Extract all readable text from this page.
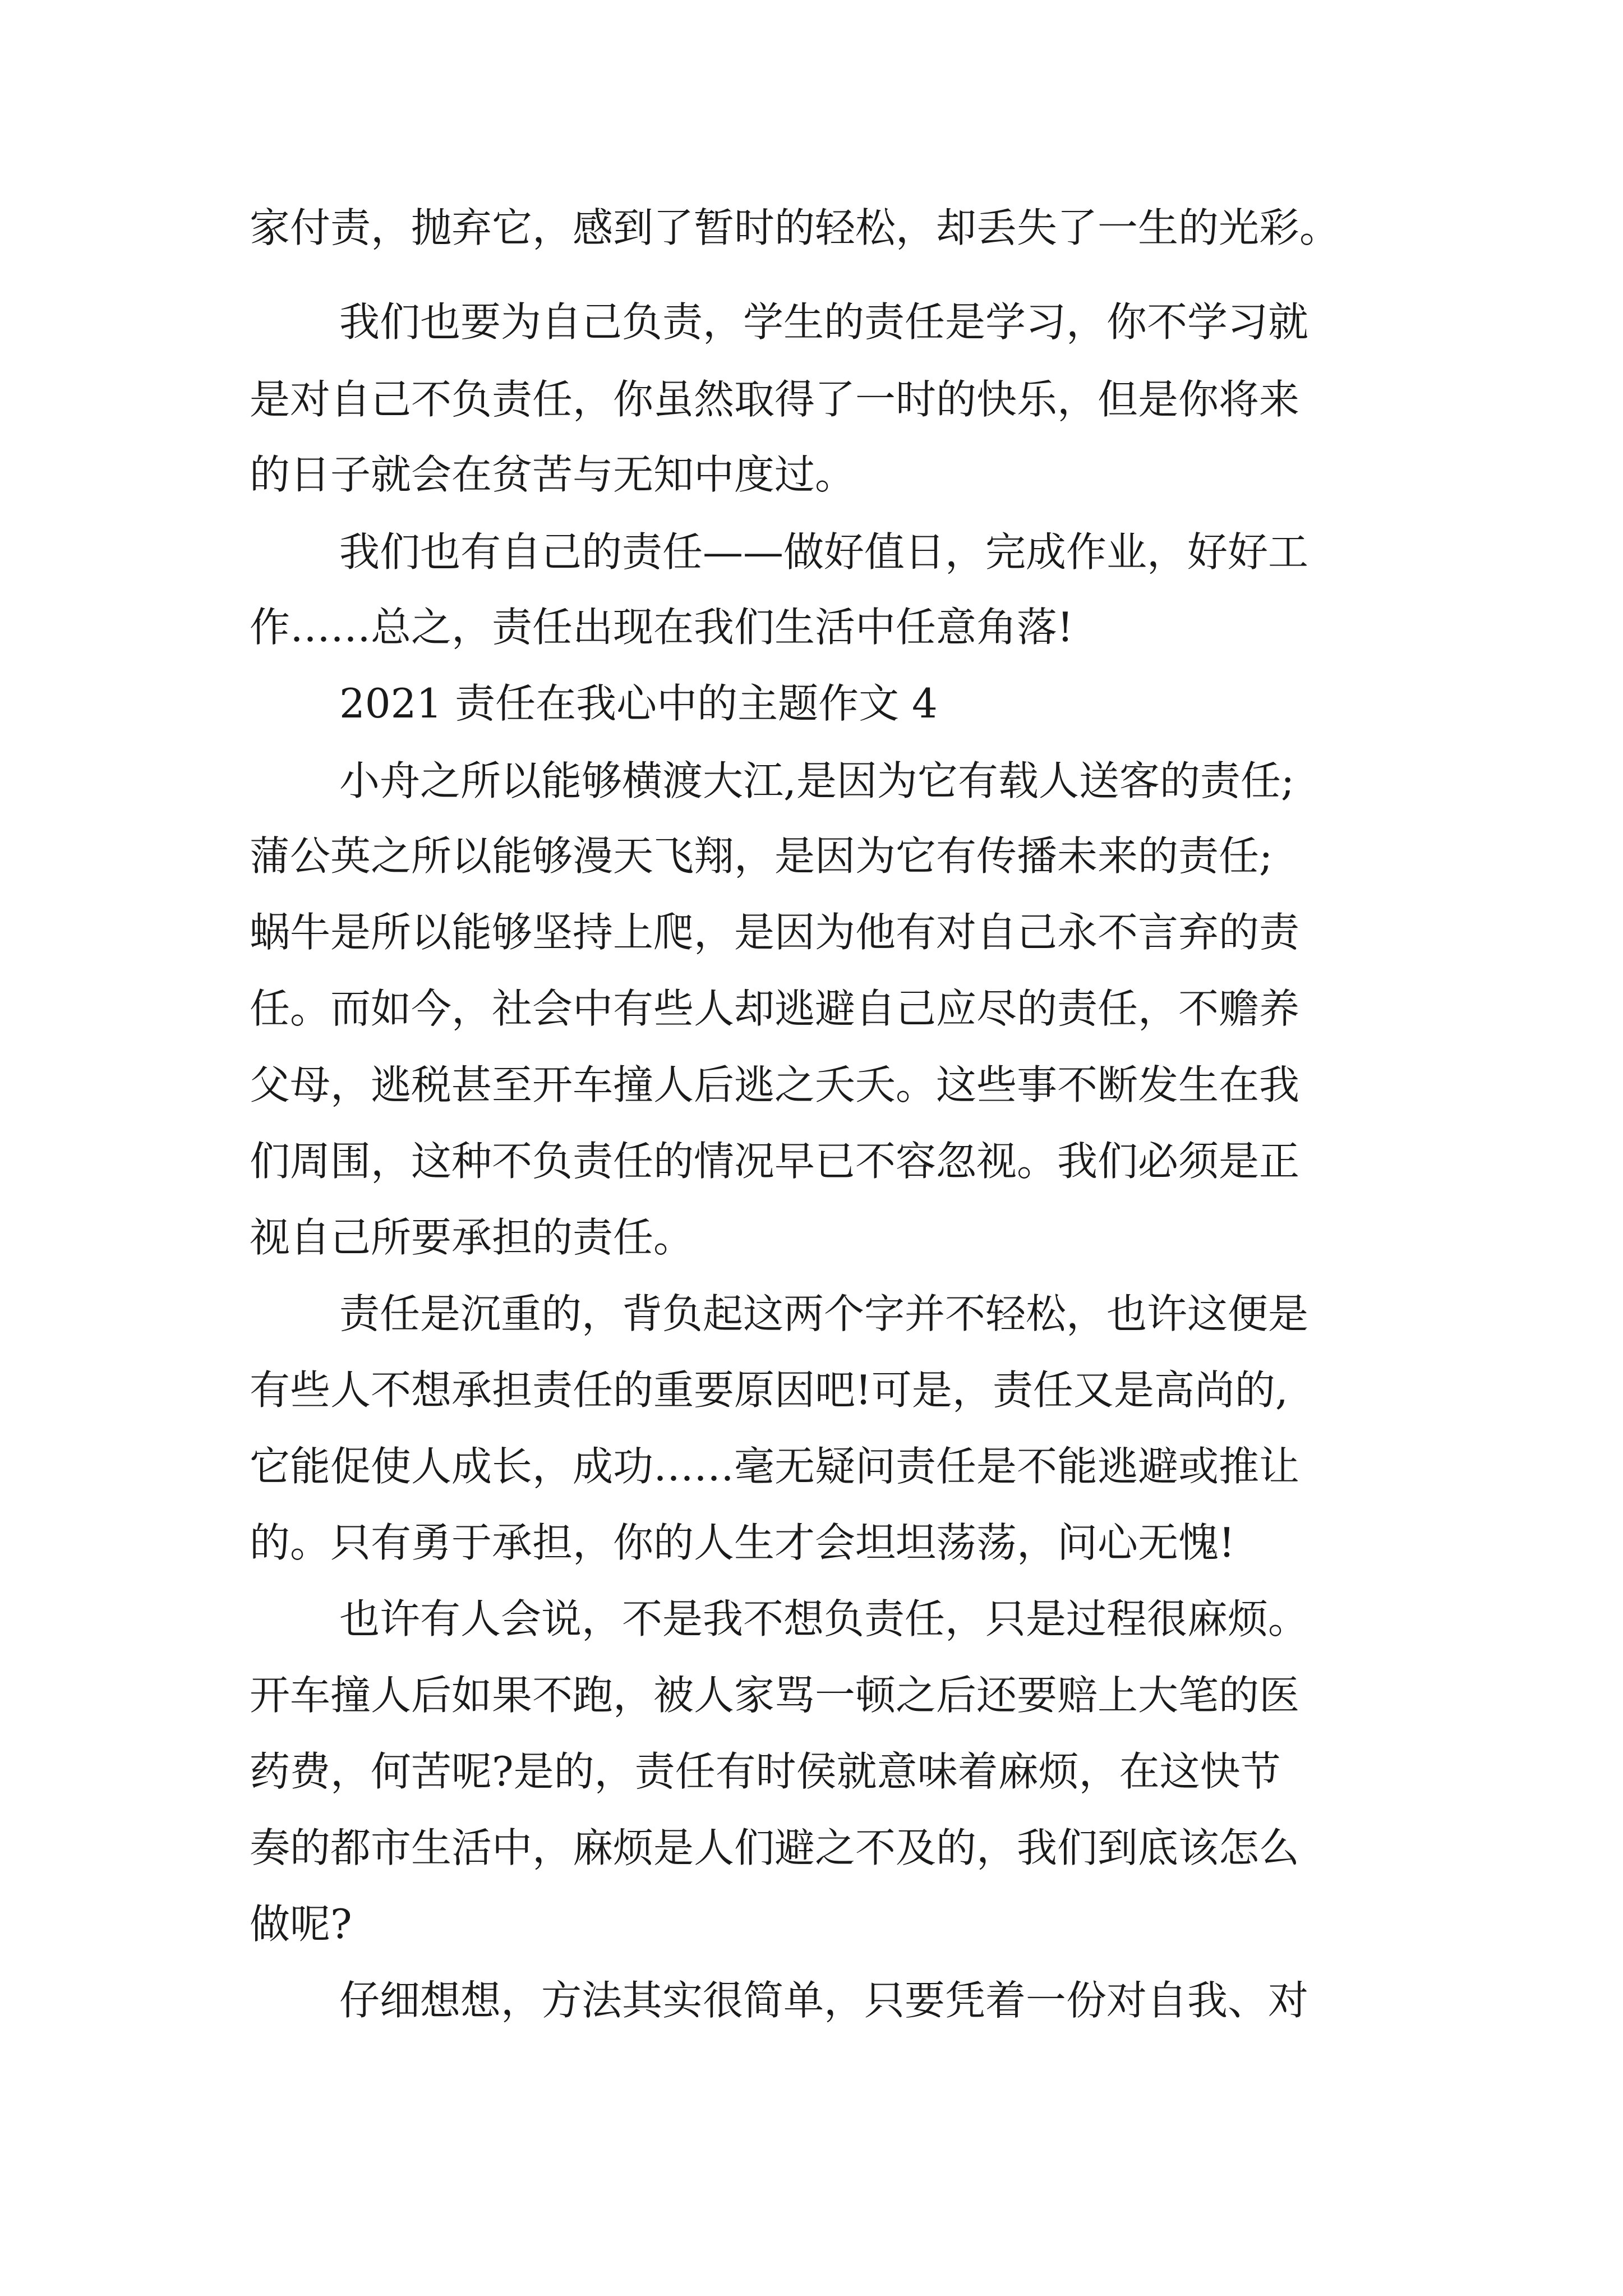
家付责，抛弃它，感到了暂时的轻松，却丢失了一生的光彩。
我们也要为自己负责，学生的责任是学习，你不学习就
是对自己不负责任，你虽然取得了一时的快乐，但是你将来
的日子就会在贫苦与无知中度过。
我们也有自己的责任——做好值日，完成作业，好好工
作……总之，责任出现在我们生活中任意角落!
2021 责任在我心中的主题作文 4
小舟之所以能够横渡大江,是因为它有载人送客的责任;
蒲公英之所以能够漫天飞翔，是因为它有传播未来的责任;
蜗牛是所以能够坚持上爬，是因为他有对自己永不言弃的责
任。而如今，社会中有些人却逃避自己应尽的责任，不赡养
父母，逃税甚至开车撞人后逃之夭夭。这些事不断发生在我
们周围，这种不负责任的情况早已不容忽视。我们必须是正
视自己所要承担的责任。
责任是沉重的，背负起这两个字并不轻松，也许这便是
有些人不想承担责任的重要原因吧!可是，责任又是高尚的,
它能促使人成长，成功……毫无疑问责任是不能逃避或推让
的。只有勇于承担，你的人生才会坦坦荡荡，问心无愧!
也许有人会说，不是我不想负责任，只是过程很麻烦。
开车撞人后如果不跑，被人家骂一顿之后还要赔上大笔的医
药费，何苦呢?是的，责任有时侯就意味着麻烦，在这快节
奏的都市生活中，麻烦是人们避之不及的，我们到底该怎么
做呢?
仔细想想，方法其实很简单，只要凭着一份对自我、对
